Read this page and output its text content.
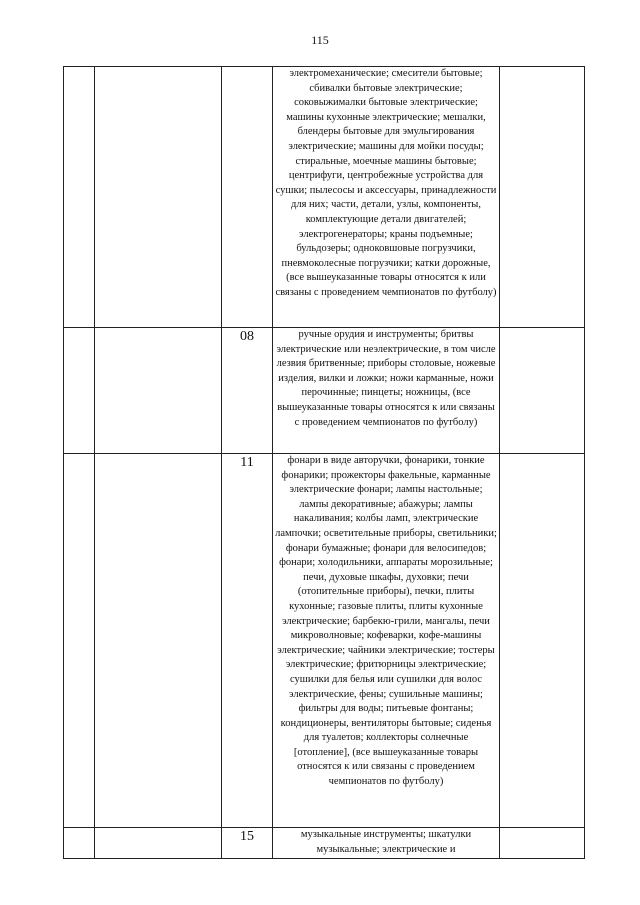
115

			электромеханические; смесители бытовые; сбивалки бытовые электрические; соковыжималки бытовые электрические; машины кухонные электрические; мешалки, блендеры бытовые для эмульгирования электрические; машины для мойки посуды; стиральные, моечные машины бытовые; центрифуги, центробежные устройства для сушки; пылесосы и аксессуары, принадлежности для них; части, детали, узлы, компоненты, комплектующие детали двигателей; электрогенераторы; краны подъемные; бульдозеры; одноковшовые погрузчики, пневмоколесные погрузчики; катки дорожные, (все вышеуказанные товары относятся к или связаны с проведением чемпионатов по футболу)	

		08	ручные орудия и инструменты; бритвы электрические или неэлектрические, в том числе лезвия бритвенные; приборы столовые, ножевые изделия, вилки и ложки; ножи карманные, ножи перочинные; пинцеты; ножницы, (все вышеуказанные товары относятся к или связаны с проведением чемпионатов по футболу)	

		11	фонари в виде авторучки, фонарики, тонкие фонарики; прожекторы факельные, карманные электрические фонари; лампы настольные; лампы декоративные; абажуры; лампы накаливания; колбы ламп, электрические лампочки; осветительные приборы, светильники; фонари бумажные; фонари для велосипедов; фонари; холодильники, аппараты морозильные; печи, духовые шкафы, духовки; печи (отопительные приборы), печки, плиты кухонные; газовые плиты, плиты кухонные электрические; барбекю-грили, мангалы, печи микроволновые; кофеварки, кофе-машины электрические; чайники электрические; тостеры электрические; фритюрницы электрические; сушилки для белья или сушилки для волос электрические, фены; сушильные машины; фильтры для воды; питьевые фонтаны; кондиционеры, вентиляторы бытовые; сиденья для туалетов; коллекторы солнечные [отопление], (все вышеуказанные товары относятся к или связаны с проведением чемпионатов по футболу)	

		15	музыкальные инструменты; шкатулки музыкальные; электрические и	
